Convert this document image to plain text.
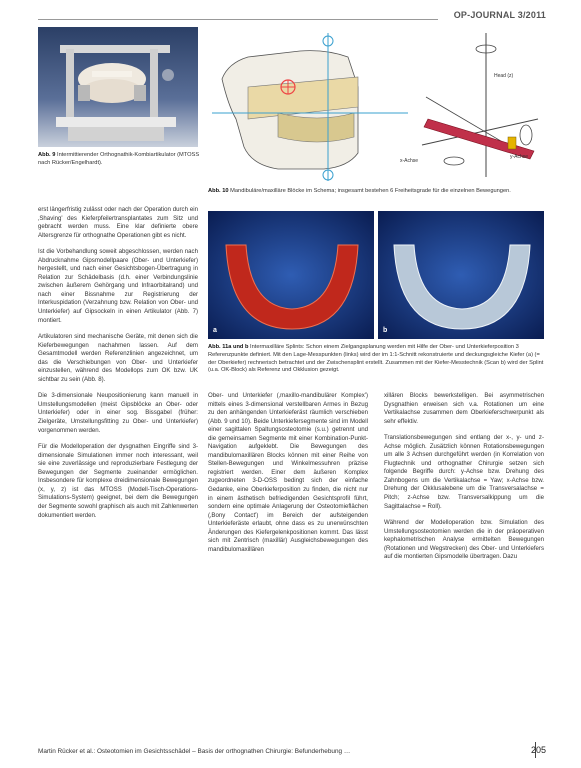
OP-JOURNAL 3/2011
Abb. 9 Intermittierender Orthognathik-Kombiartikulator (MTOSS nach Rücker/Engelhardt).
Head (z)
x-Achse
y-Achse
Abb. 10 Mandibuläre/maxilläre Blöcke im Schema; insgesamt bestehen 6 Freiheitsgrade für die einzelnen Bewegungen.
a	b
Abb. 11a und b Intermaxilläre Splints: Schon einem Zielgangsplanung werden mit Hilfe der Ober- und Unterkieferposition 3 Referenzpunkte definiert. Mit den Lage-Messpunkten (links) wird der im 1:1-Schnitt rekonstruierte und deckungsgleiche Kiefer (a) (= der Oberkiefer) rechnerisch betrachtet und der Zwischensplint erstellt. Zusammen mit der Kiefer-Messtechnik (Scan b) wird der Splint (u.a. OK-Block) als Referenz und Okklusion gezeigt.

erst längerfristig zulässt oder nach der Operation durch ein ‚Shaving' des Kieferpfeilertransplantates zum Sitz und gebracht werden muss. Eine klar definierte obere Altersgrenze für orthognathe Operationen gibt es nicht.

Ist die Vorbehandlung soweit abgeschlossen, werden nach Abdrucknahme Gipsmodellpaare (Ober- und Unterkiefer) hergestellt, und nach einer Gesichtsbogen-Übertragung in Relation zur Schädelbasis (d.h. einer Verbindungslinie zwischen äußerem Gehörgang und Infraorbitalrand) und nach einer Bissnahme zur Registrierung der Interkuspidation (Verzahnung bzw. Relation von Ober- und Unterkiefer) auf Gipsockeln in einen Artikulator (Abb. 7) montiert.

Artikulatoren sind mechanische Geräte, mit denen sich die Kieferbewegungen nachahmen lassen. Auf dem Gesamtmodell werden Referenzlinien angezeichnet, um das die Verschiebungen von Ober- und Unterkiefer einzustellen, während des Modellops zum OK bzw. UK sichtbar zu sein (Abb. 8).

Die 3-dimensionale Neupositionierung kann manuell in Umstellungsmodellen (meist Gipsblöcke an Ober- oder Unterkiefer) oder in einer sog. Bissgabel (früher: Zielgeräte, Umstellungsfitting zu Ober- und Unterkiefer) vorgenommen werden.

Für die Modelloperation der dysgnathen Eingriffe sind 3-dimensionale Simulationen immer noch interessant, weil sie eine zuverlässige und reproduzierbare Festlegung der Bewegungen der Segmente zueinander ermöglichen. Insbesondere für komplexe dreidimensionale Bewegungen (x, y, z) ist das MTOSS (Modell-Tisch-Operations-Simulations-System) geeignet, bei dem die Bewegungen der Segmente sowohl graphisch als auch mit Zahlenwerten dokumentiert werden.

Ober- und Unterkiefer (‚maxillo-mandibulärer Komplex') mittels eines 3-dimensional verstellbaren Armes in Bezug zu den anhängenden Unterkieferäst räumlich verschieben (Abb. 9 und 10). Beide Unterkiefersegmente sind im Modell einer sagittalen Spaltungsosteotomie (s.u.) getrennt und die gemeinsamen Segmente mit einer Kombination-Punkt-Navigation aufgeklebt. Die Bewegungen des mandibulomaxillären Blocks können mit einer Reihe von Stellen-Bewegungen und Winkelmessuhren präzise registriert werden. Einer dem äußeren Komplex zugeordneten 3-D-OSS bedingt sich der einfache Gedanke, eine Oberkieferposition zu finden, die nicht nur in einem ästhetisch befriedigenden Gesichtsprofil führt, sondern eine optimale Anlagerung der Osteotomieflächen (‚Bony Contact') im Bereich der aufsteigenden Unterkieferäste erlaubt, ohne dass es zu unerwünschten Änderungen des Kiefergelenkpositionen kommt. Das lässt sich mit Zentrisch (maxillär) Ausgleichsbewegungen des mandibulomaxillären

xillären Blocks bewerkstelligen. Bei asymmetrischen Dysgnathien erweisen sich v.a. Rotationen um eine Vertikalachse zusammen dem Oberkieferschwerpunkt als sehr effektiv.

Translationsbewegungen sind entlang der x-, y- und z-Achse möglich. Zusätzlich können Rotationsbewegungen um alle 3 Achsen durchgeführt werden (in Korrelation von Flugtechnik und orthognather Chirurgie setzen sich folgende Begriffe durch: y-Achse bzw. Drehung des Zahnbogens um die Vertikalachse = Yaw; x-Achse bzw. Drehung der Okklusalebene um die Transversalachse = Pitch; z-Achse bzw. Transversalkippung um die Sagittalachse = Roll).

Während der Modelloperation bzw. Simulation des Umstellungsosteotomien werden die in der präoperativen kephalometrischen Analyse ermittelten Bewegungen (Rotationen und Wegstrecken) des Ober- und Unterkiefers auf die montierten Gipsmodelle übertragen. Dazu

Martin Rücker et al.: Osteotomien im Gesichtsschädel – Basis der orthognathen Chirurgie: Befunderhebung …	205
